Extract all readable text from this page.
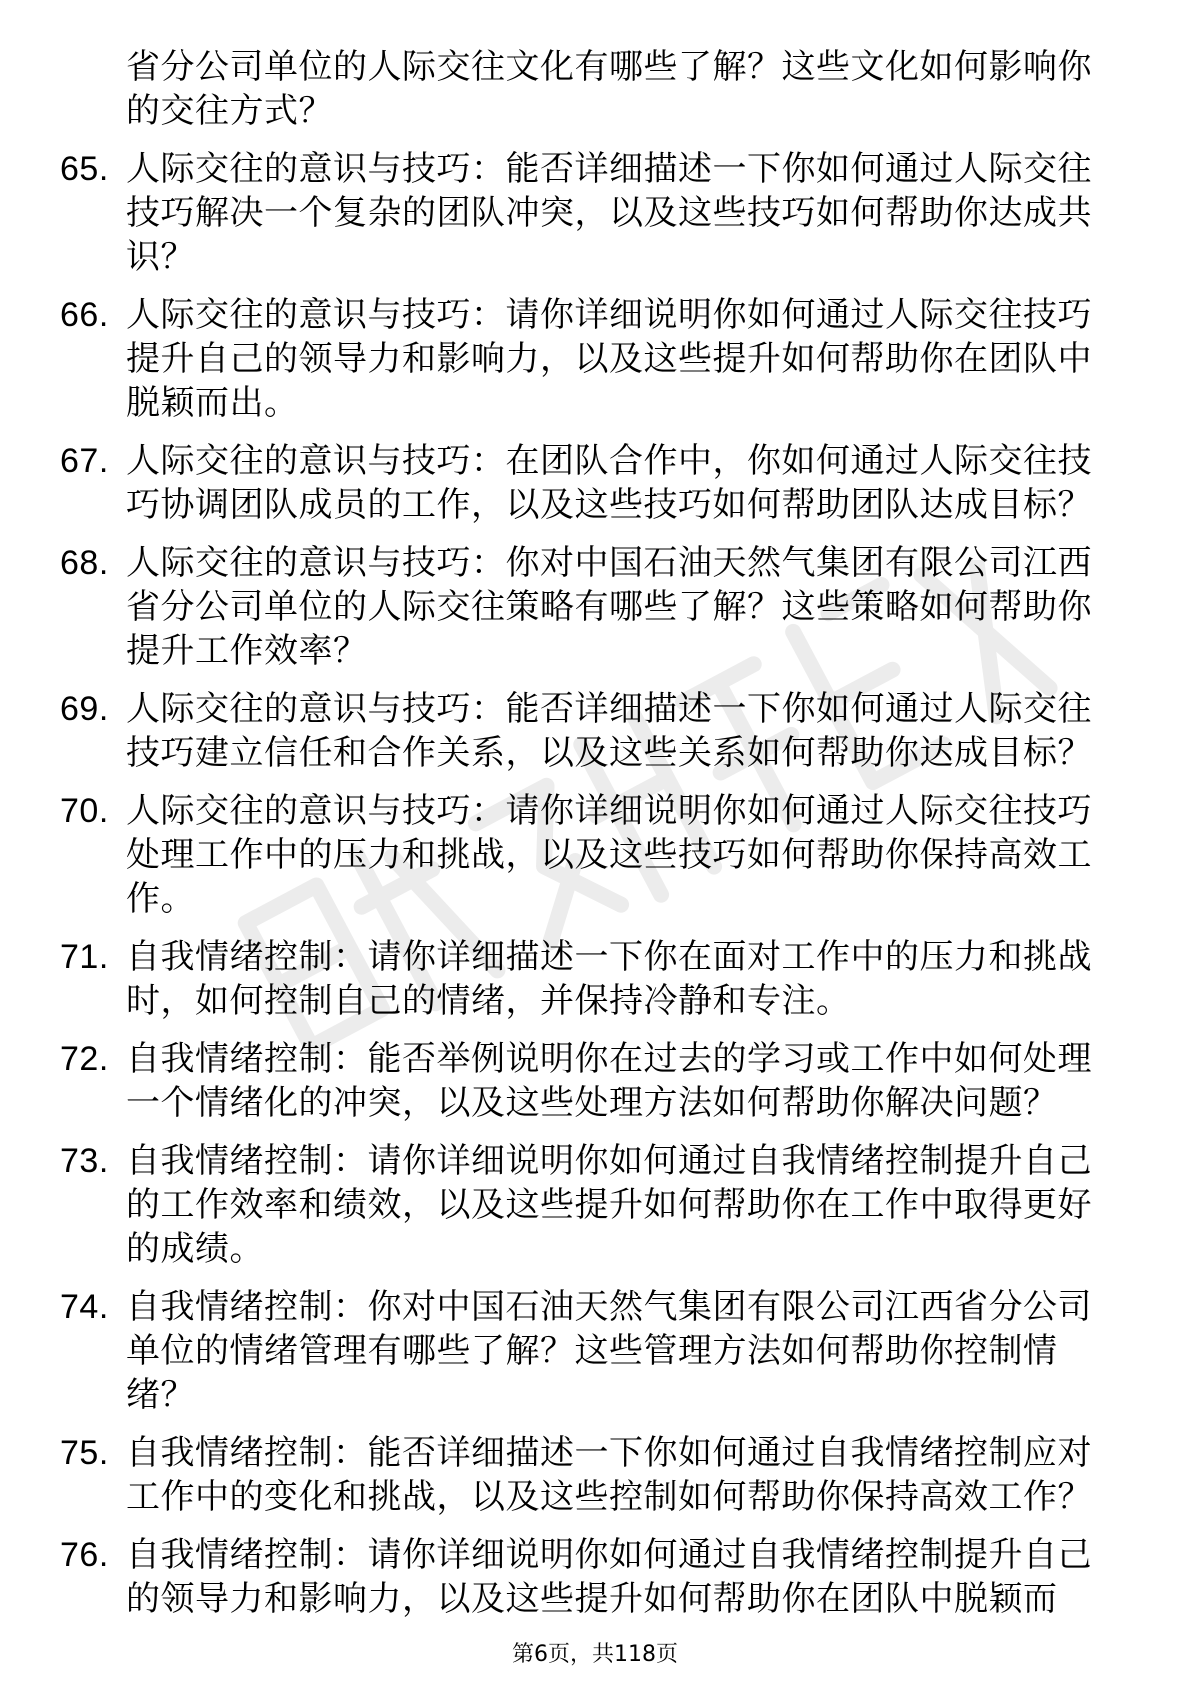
省分公司单位的人际交往文化有哪些了解？这些文化如何影响你的交往方式？
65. 人际交往的意识与技巧：能否详细描述一下你如何通过人际交往技巧解决一个复杂的团队冲突，以及这些技巧如何帮助你达成共识？
66. 人际交往的意识与技巧：请你详细说明你如何通过人际交往技巧提升自己的领导力和影响力，以及这些提升如何帮助你在团队中脱颖而出。
67. 人际交往的意识与技巧：在团队合作中，你如何通过人际交往技巧协调团队成员的工作，以及这些技巧如何帮助团队达成目标？
68. 人际交往的意识与技巧：你对中国石油天然气集团有限公司江西省分公司单位的人际交往策略有哪些了解？这些策略如何帮助你提升工作效率？
69. 人际交往的意识与技巧：能否详细描述一下你如何通过人际交往技巧建立信任和合作关系，以及这些关系如何帮助你达成目标？
70. 人际交往的意识与技巧：请你详细说明你如何通过人际交往技巧处理工作中的压力和挑战，以及这些技巧如何帮助你保持高效工作。
71. 自我情绪控制：请你详细描述一下你在面对工作中的压力和挑战时，如何控制自己的情绪，并保持冷静和专注。
72. 自我情绪控制：能否举例说明你在过去的学习或工作中如何处理一个情绪化的冲突，以及这些处理方法如何帮助你解决问题？
73. 自我情绪控制：请你详细说明你如何通过自我情绪控制提升自己的工作效率和绩效，以及这些提升如何帮助你在工作中取得更好的成绩。
74. 自我情绪控制：你对中国石油天然气集团有限公司江西省分公司单位的情绪管理有哪些了解？这些管理方法如何帮助你控制情绪？
75. 自我情绪控制：能否详细描述一下你如何通过自我情绪控制应对工作中的变化和挑战，以及这些控制如何帮助你保持高效工作？
76. 自我情绪控制：请你详细说明你如何通过自我情绪控制提升自己的领导力和影响力，以及这些提升如何帮助你在团队中脱颖而
第6页，共118页
